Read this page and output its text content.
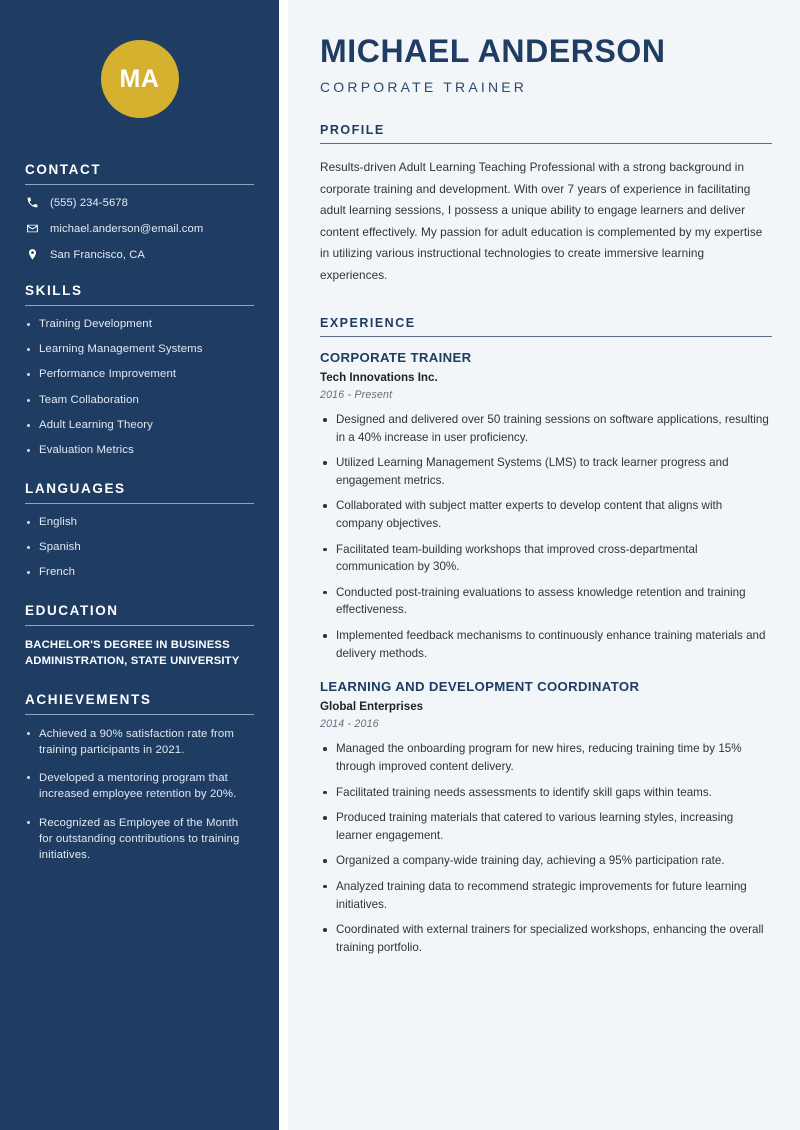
MA
CONTACT
(555) 234-5678
michael.anderson@email.com
San Francisco, CA
SKILLS
Training Development
Learning Management Systems
Performance Improvement
Team Collaboration
Adult Learning Theory
Evaluation Metrics
LANGUAGES
English
Spanish
French
EDUCATION
BACHELOR'S DEGREE IN BUSINESS ADMINISTRATION, STATE UNIVERSITY
ACHIEVEMENTS
Achieved a 90% satisfaction rate from training participants in 2021.
Developed a mentoring program that increased employee retention by 20%.
Recognized as Employee of the Month for outstanding contributions to training initiatives.
MICHAEL ANDERSON
CORPORATE TRAINER
PROFILE

Results-driven Adult Learning Teaching Professional with a strong background in corporate training and development. With over 7 years of experience in facilitating adult learning sessions, I possess a unique ability to engage learners and deliver content effectively. My passion for adult education is complemented by my expertise in utilizing various instructional technologies to create immersive learning experiences.

EXPERIENCE
CORPORATE TRAINER
Tech Innovations Inc.
2016 - Present
Designed and delivered over 50 training sessions on software applications, resulting in a 40% increase in user proficiency.
Utilized Learning Management Systems (LMS) to track learner progress and engagement metrics.
Collaborated with subject matter experts to develop content that aligns with company objectives.
Facilitated team-building workshops that improved cross-departmental communication by 30%.
Conducted post-training evaluations to assess knowledge retention and training effectiveness.
Implemented feedback mechanisms to continuously enhance training materials and delivery methods.
LEARNING AND DEVELOPMENT COORDINATOR
Global Enterprises
2014 - 2016
Managed the onboarding program for new hires, reducing training time by 15% through improved content delivery.
Facilitated training needs assessments to identify skill gaps within teams.
Produced training materials that catered to various learning styles, increasing learner engagement.
Organized a company-wide training day, achieving a 95% participation rate.
Analyzed training data to recommend strategic improvements for future learning initiatives.
Coordinated with external trainers for specialized workshops, enhancing the overall training portfolio.
